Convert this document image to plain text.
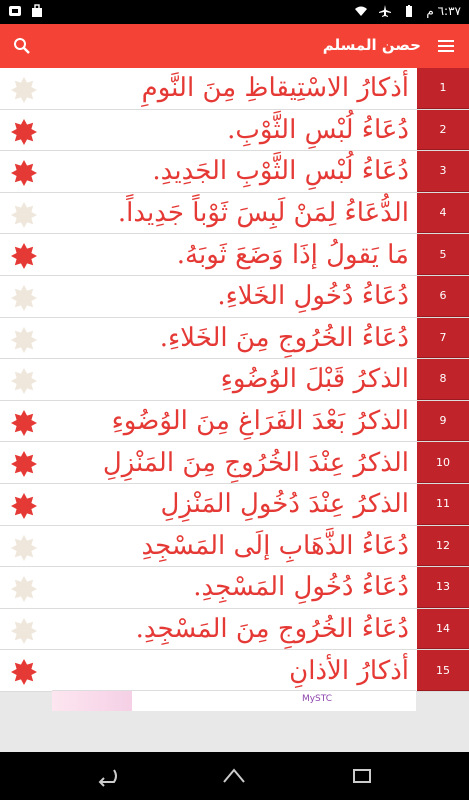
٦:٣٧ م
حصن المسلم
أذكارُ الاسْتِيقاظِ مِنَ النَّومِ	1
دُعَاءُ لُبْسِ الثَّوْبِ.	2
دُعَاءُ لُبْسِ الثَّوْبِ الجَدِيدِ.	3
الدُّعَاءُ لِمَنْ لَبِسَ ثَوْباً جَدِيداً.	4
مَا يَقولُ إذَا وَضَعَ ثَوبَهُ.	5
دُعَاءُ دُخُولِ الخَلاءِ.	6
دُعَاءُ الخُرُوجِ مِنَ الخَلاءِ.	7
الذكرُ قَبْلَ الوُضُوءِ	8
الذكرُ بَعْدَ الفَرَاغِ مِنَ الوُضُوءِ	9
الذكرُ عِنْدَ الخُرُوجِ مِنَ المَنْزِلِ	10
الذكرُ عِنْدَ دُخُولِ المَنْزِلِ	11
دُعَاءُ الذَّهَابِ إلَى المَسْجِدِ	12
دُعَاءُ دُخُولِ المَسْجِدِ.	13
دُعَاءُ الخُرُوجِ مِنَ المَسْجِدِ.	14
أذكارُ الأذانِ	15
MySTC
